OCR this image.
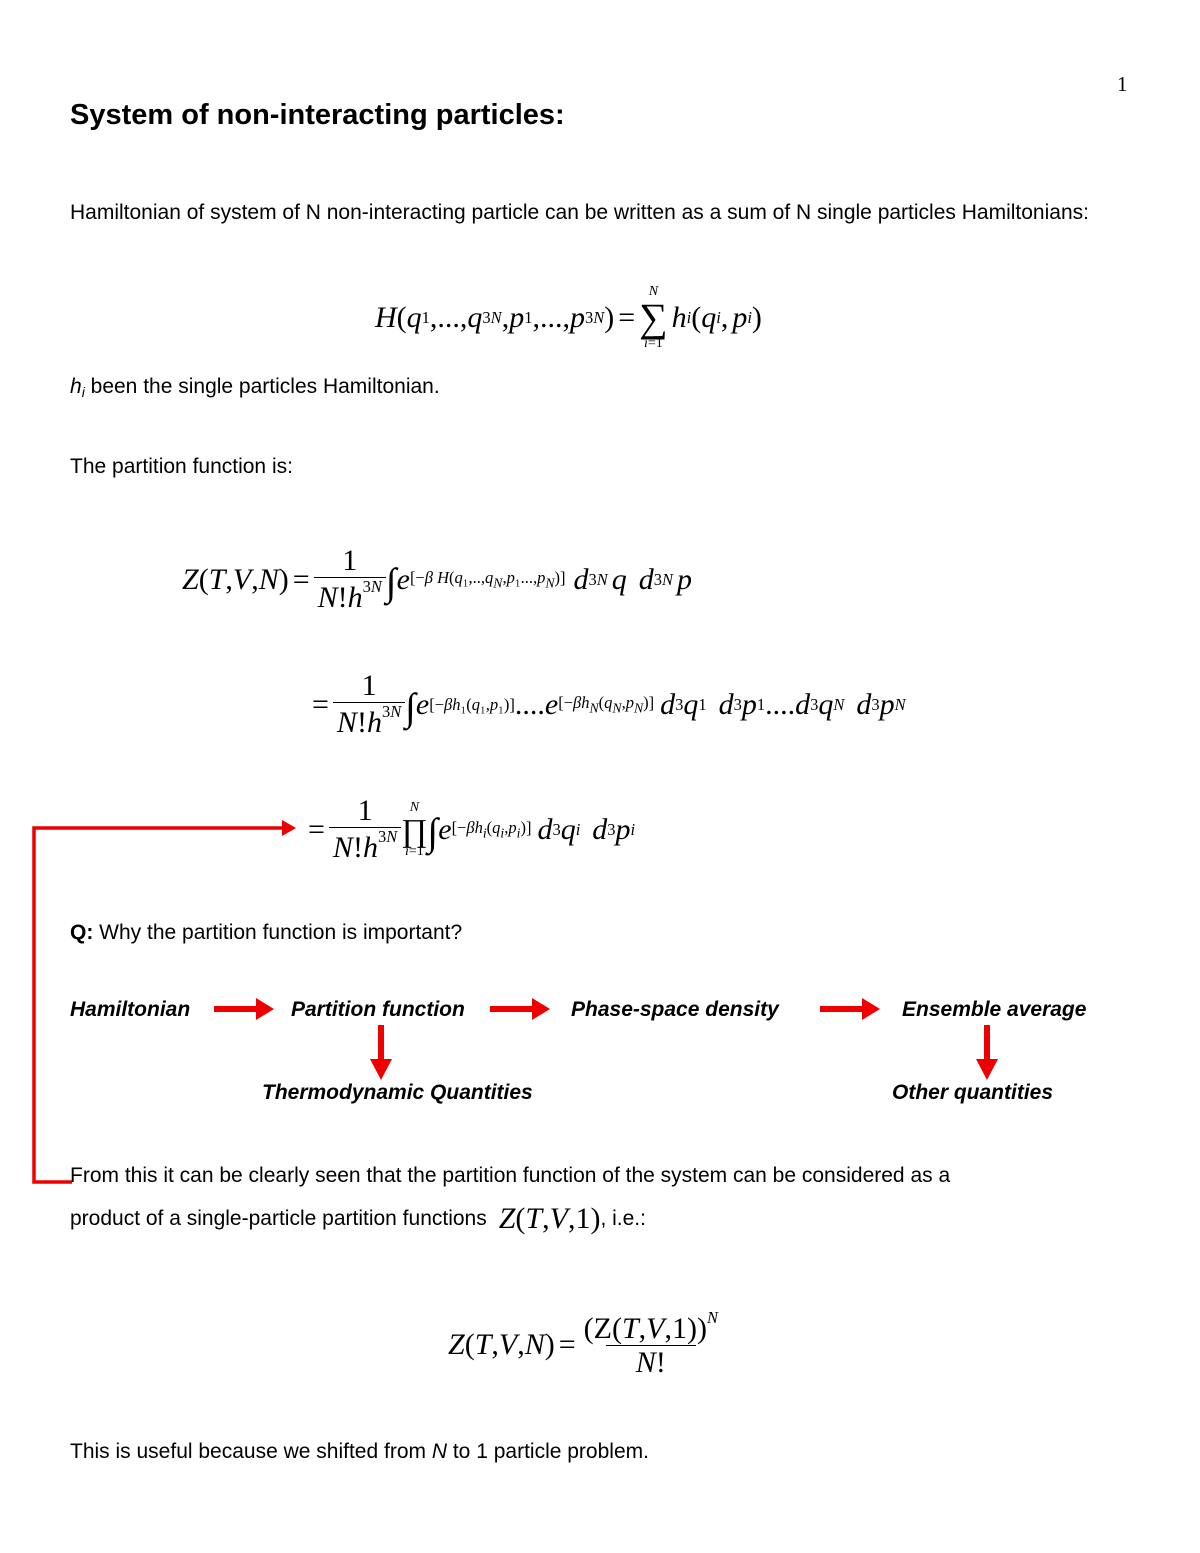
1
System of non-interacting particles:
Hamiltonian of system of N non-interacting particle can be written as a sum of N single particles Hamiltonians:
H ( q 1 ,..., q 3N , p 1 ,..., p 3N ) =
N
∑
i=1
h i ( q i , p i )
hi been the single particles Hamiltonian.
The partition function is:
Z ( T , V , N ) = $\frac{1}{N!h^{3N}}$ ∫ e [−β $H(q_1,..,q_N,p_1...,p_N)$] d 3N q d 3N p
= $\frac{1}{N!h^{3N}}$ ∫ e [−βh₁(q₁,p₁)] .... e $[-\beta h_N(q_N,p_N)]$ d 3 q 1 d 3 p 1 .... d 3 q N d 3 p N
= $\frac{1}{N!h^{3N}}$ N
∏
i=1 ∫ e $[-\beta h_i(q_i,p_i)]$ d 3 q i d 3 p i
Q: Why the partition function is important?
Hamiltonian	Partition function	Phase-space density	Ensemble average
Thermodynamic Quantities	Other quantities
From this it can be clearly seen that the partition function of the system can be considered as a
product of a single-particle partition functions Z(T,V,1) , i.e.:
Z ( T , V , N ) = $\frac{(Z(T,V,1))^N}{N!}$
This is useful because we shifted from N to 1 particle problem.
